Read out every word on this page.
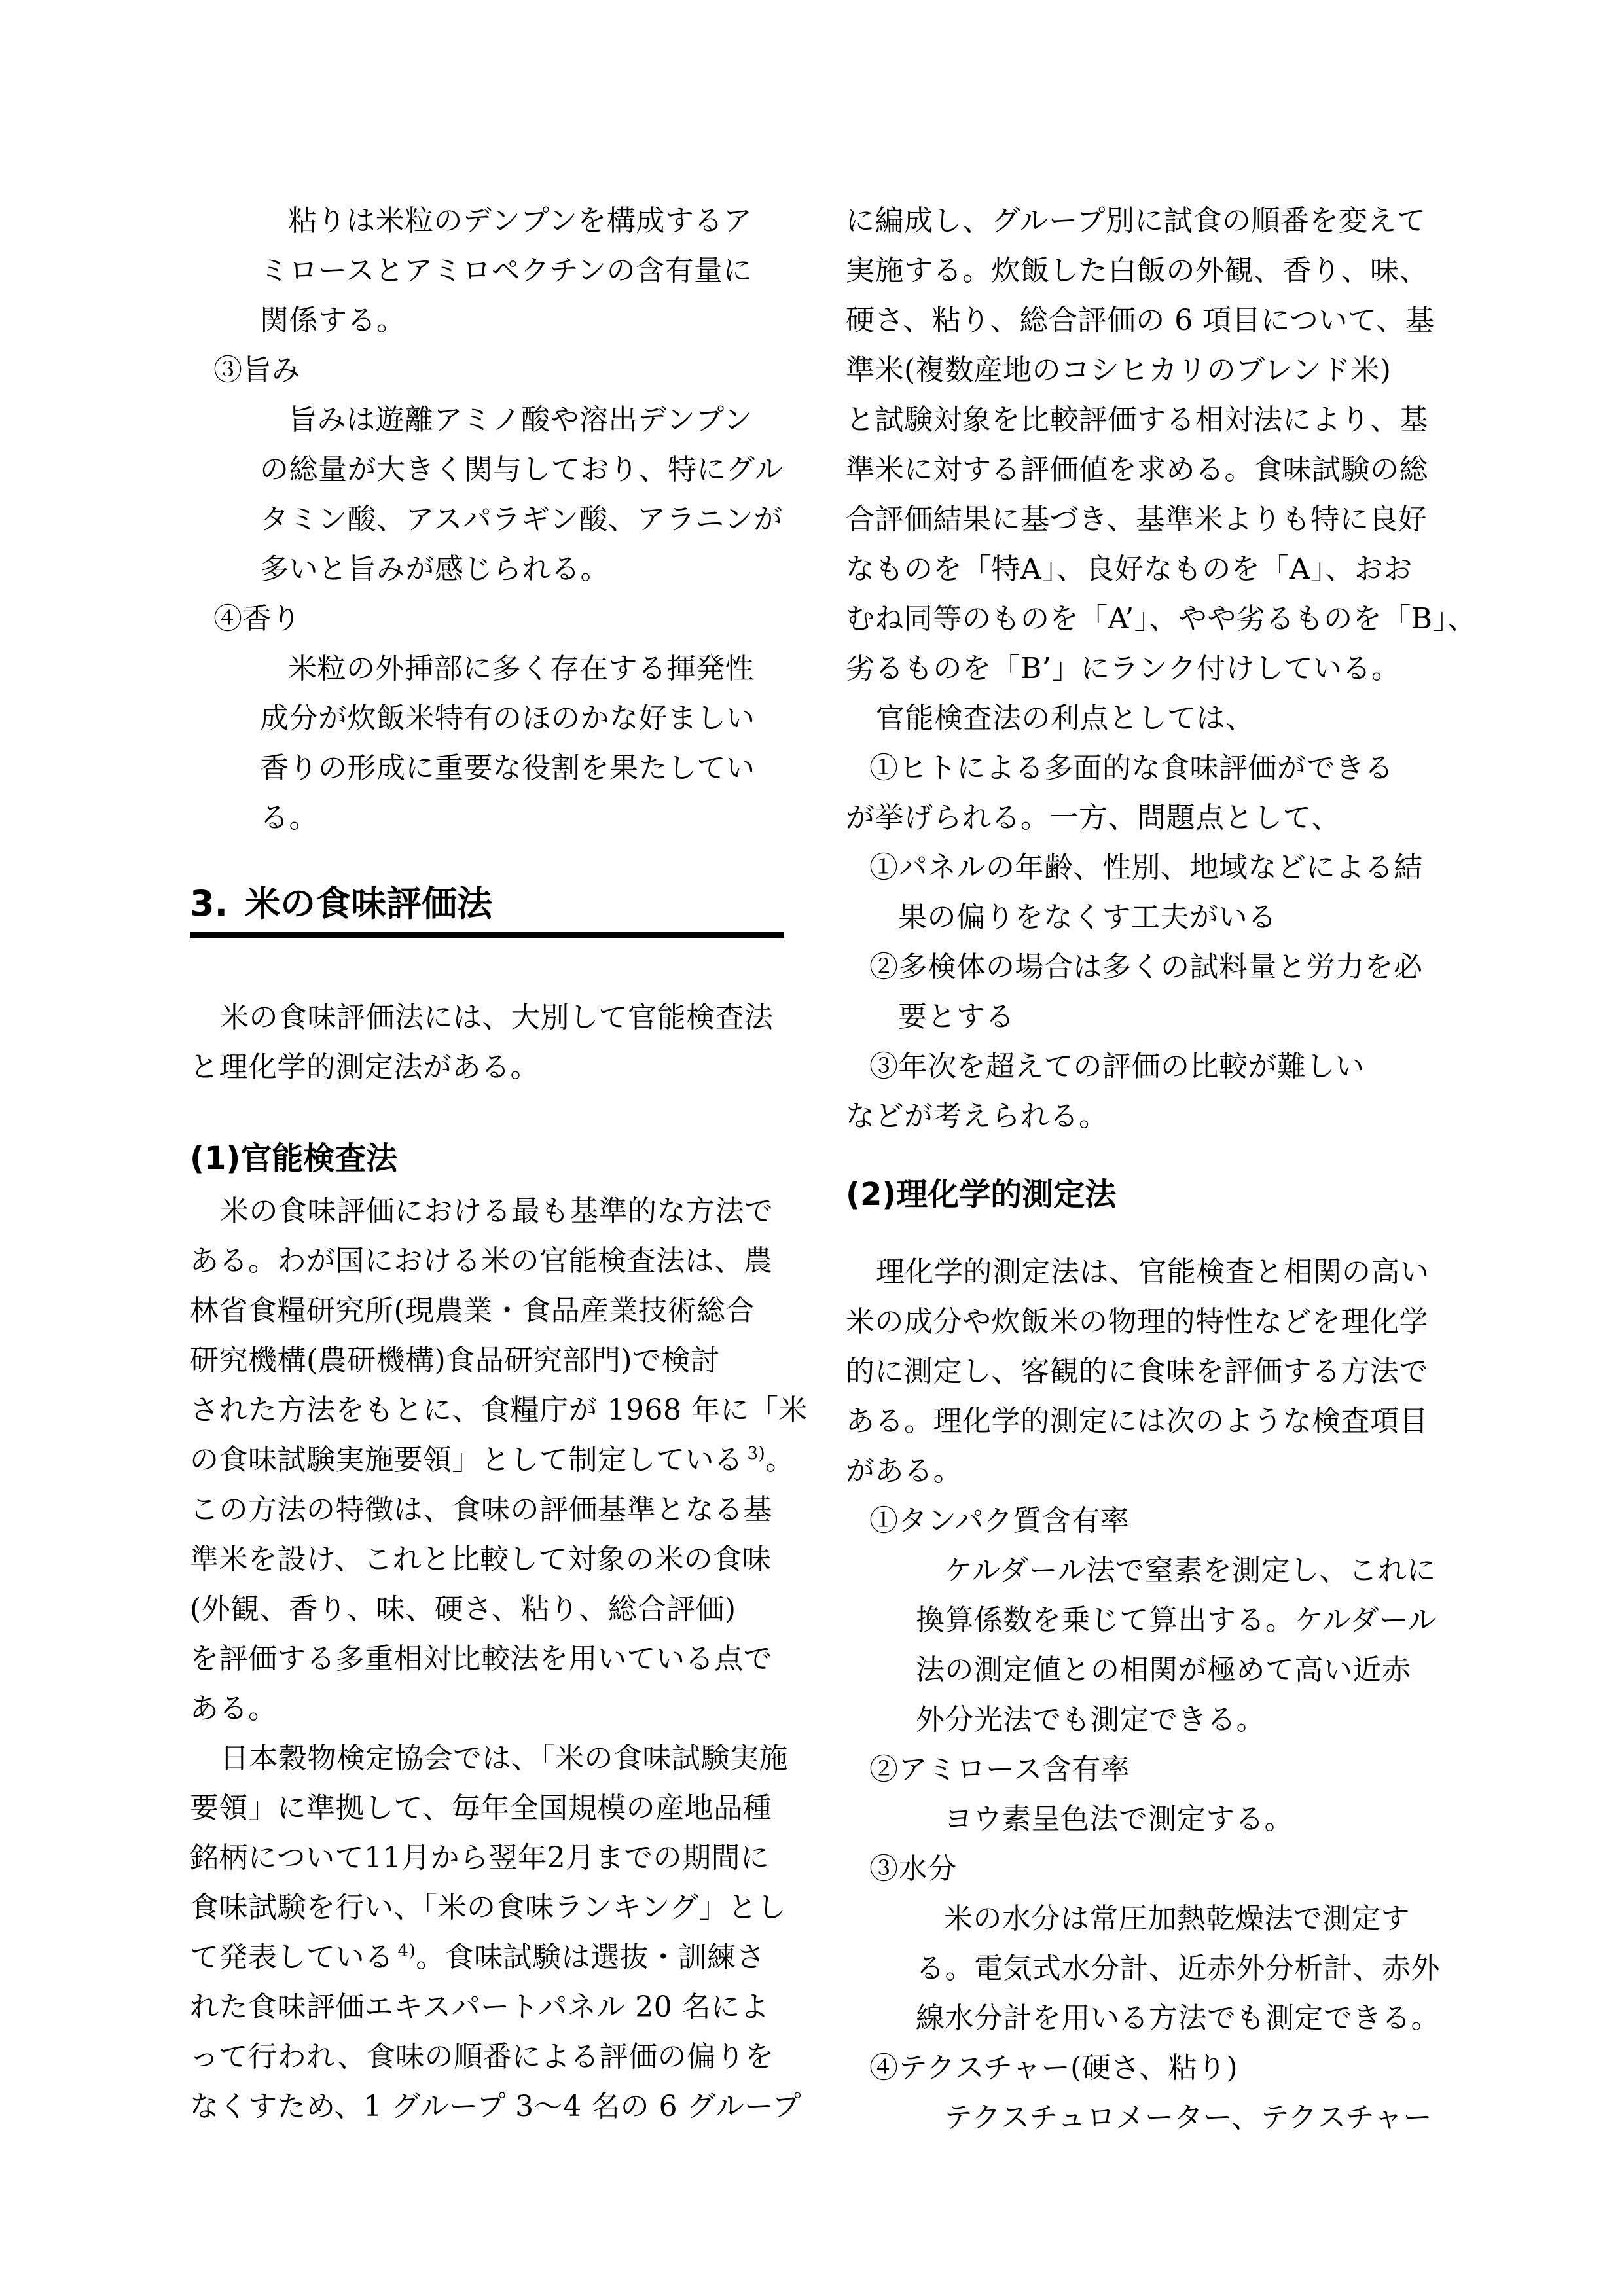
粘りは米粒のデンプンを構成するア
ミロースとアミロペクチンの含有量に
関係する。
③旨み
旨みは遊離アミノ酸や溶出デンプン
の総量が大きく関与しており、特にグル
タミン酸、アスパラギン酸、アラニンが
多いと旨みが感じられる。
④香り
米粒の外挿部に多く存在する揮発性
成分が炊飯米特有のほのかな好ましい
香りの形成に重要な役割を果たしてい
る。
3. 米の食味評価法
米の食味評価法には、大別して官能検査法
と理化学的測定法がある。
(1)官能検査法
米の食味評価における最も基準的な方法で
ある。わが国における米の官能検査法は、農
林省食糧研究所(現農業・食品産業技術総合
研究機構(農研機構)食品研究部門)で検討
された方法をもとに、食糧庁が 1968 年に「米
の食味試験実施要領」として制定している $^{3)}$。
この方法の特徴は、食味の評価基準となる基
準米を設け、これと比較して対象の米の食味
(外観、香り、味、硬さ、粘り、総合評価)
を評価する多重相対比較法を用いている点で
ある。
日本穀物検定協会では、「米の食味試験実施
要領」に準拠して、毎年全国規模の産地品種
銘柄について11月から翌年2月までの期間に
食味試験を行い、「米の食味ランキング」とし
て発表している $^{4)}$。食味試験は選抜・訓練さ
れた食味評価エキスパートパネル 20 名によ
って行われ、食味の順番による評価の偏りを
なくすため、1 グループ 3〜4 名の 6 グループ
に編成し、グループ別に試食の順番を変えて
実施する。炊飯した白飯の外観、香り、味、
硬さ、粘り、総合評価の 6 項目について、基
準米(複数産地のコシヒカリのブレンド米)
と試験対象を比較評価する相対法により、基
準米に対する評価値を求める。食味試験の総
合評価結果に基づき、基準米よりも特に良好
なものを「特A」、良好なものを「A」、おお
むね同等のものを「A’」、やや劣るものを「B」、
劣るものを「B’」にランク付けしている。
官能検査法の利点としては、
①ヒトによる多面的な食味評価ができる
が挙げられる。一方、問題点として、
①パネルの年齢、性別、地域などによる結
果の偏りをなくす工夫がいる
②多検体の場合は多くの試料量と労力を必
要とする
③年次を超えての評価の比較が難しい
などが考えられる。
(2)理化学的測定法
理化学的測定法は、官能検査と相関の高い
米の成分や炊飯米の物理的特性などを理化学
的に測定し、客観的に食味を評価する方法で
ある。理化学的測定には次のような検査項目
がある。
①タンパク質含有率
ケルダール法で窒素を測定し、これに
換算係数を乗じて算出する。ケルダール
法の測定値との相関が極めて高い近赤
外分光法でも測定できる。
②アミロース含有率
ヨウ素呈色法で測定する。
③水分
米の水分は常圧加熱乾燥法で測定す
る。電気式水分計、近赤外分析計、赤外
線水分計を用いる方法でも測定できる。
④テクスチャー(硬さ、粘り)
テクスチュロメーター、テクスチャー
